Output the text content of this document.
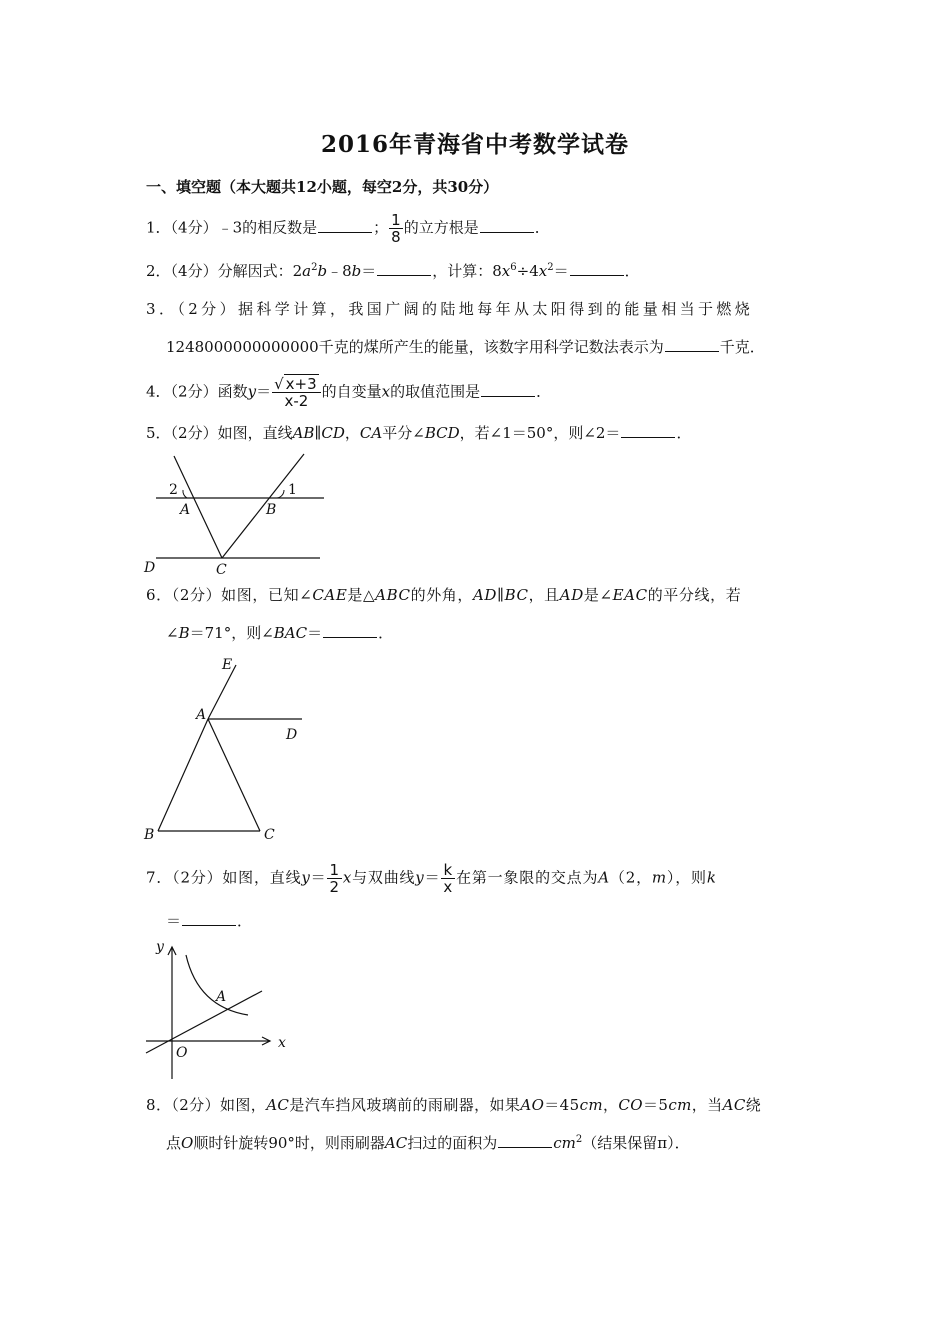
2016年青海省中考数学试卷
一、填空题（本大题共12小题，每空2分，共30分）
1．（4分）﹣3的相反数是	； $\frac{1}{8}$ 的立方根是	．
2．（4分）分解因式：$2a^2b﹣8b=$	，计算：$8x^6\div 4x^2=$	．
3．（2分）据科学计算，我国广阔的陆地每年从太阳得到的能量相当于燃烧
1248000000000000千克的煤所产生的能量，该数字用科学记数法表示为	千克．
4．（2分）函数$y= \frac{√ x+3}{x-2}$ 的自变量x的取值范围是	．
5．（2分）如图，直线AB∥CD，CA平分∠BCD，若∠1＝50°，则∠2＝	．
2	1
A	B
C
D
6．（2分）如图，已知∠CAE是△ABC的外角，AD∥BC，且AD是∠EAC的平分线，若
∠B＝71°，则∠BAC＝	．
E
A
D
B	C
7．（2分）如图，直线$y= \frac{1}{2}$ x与双曲线$y= \frac{k}{x}$ 在第一象限的交点为A（2，m），则k
＝	．
y
x
A
O
8．（2分）如图，AC是汽车挡风玻璃前的雨刷器，如果AO＝45cm，CO＝5cm，当AC绕
点O顺时针旋转90°时，则雨刷器AC扫过的面积为	$cm^2$（结果保留π）．
